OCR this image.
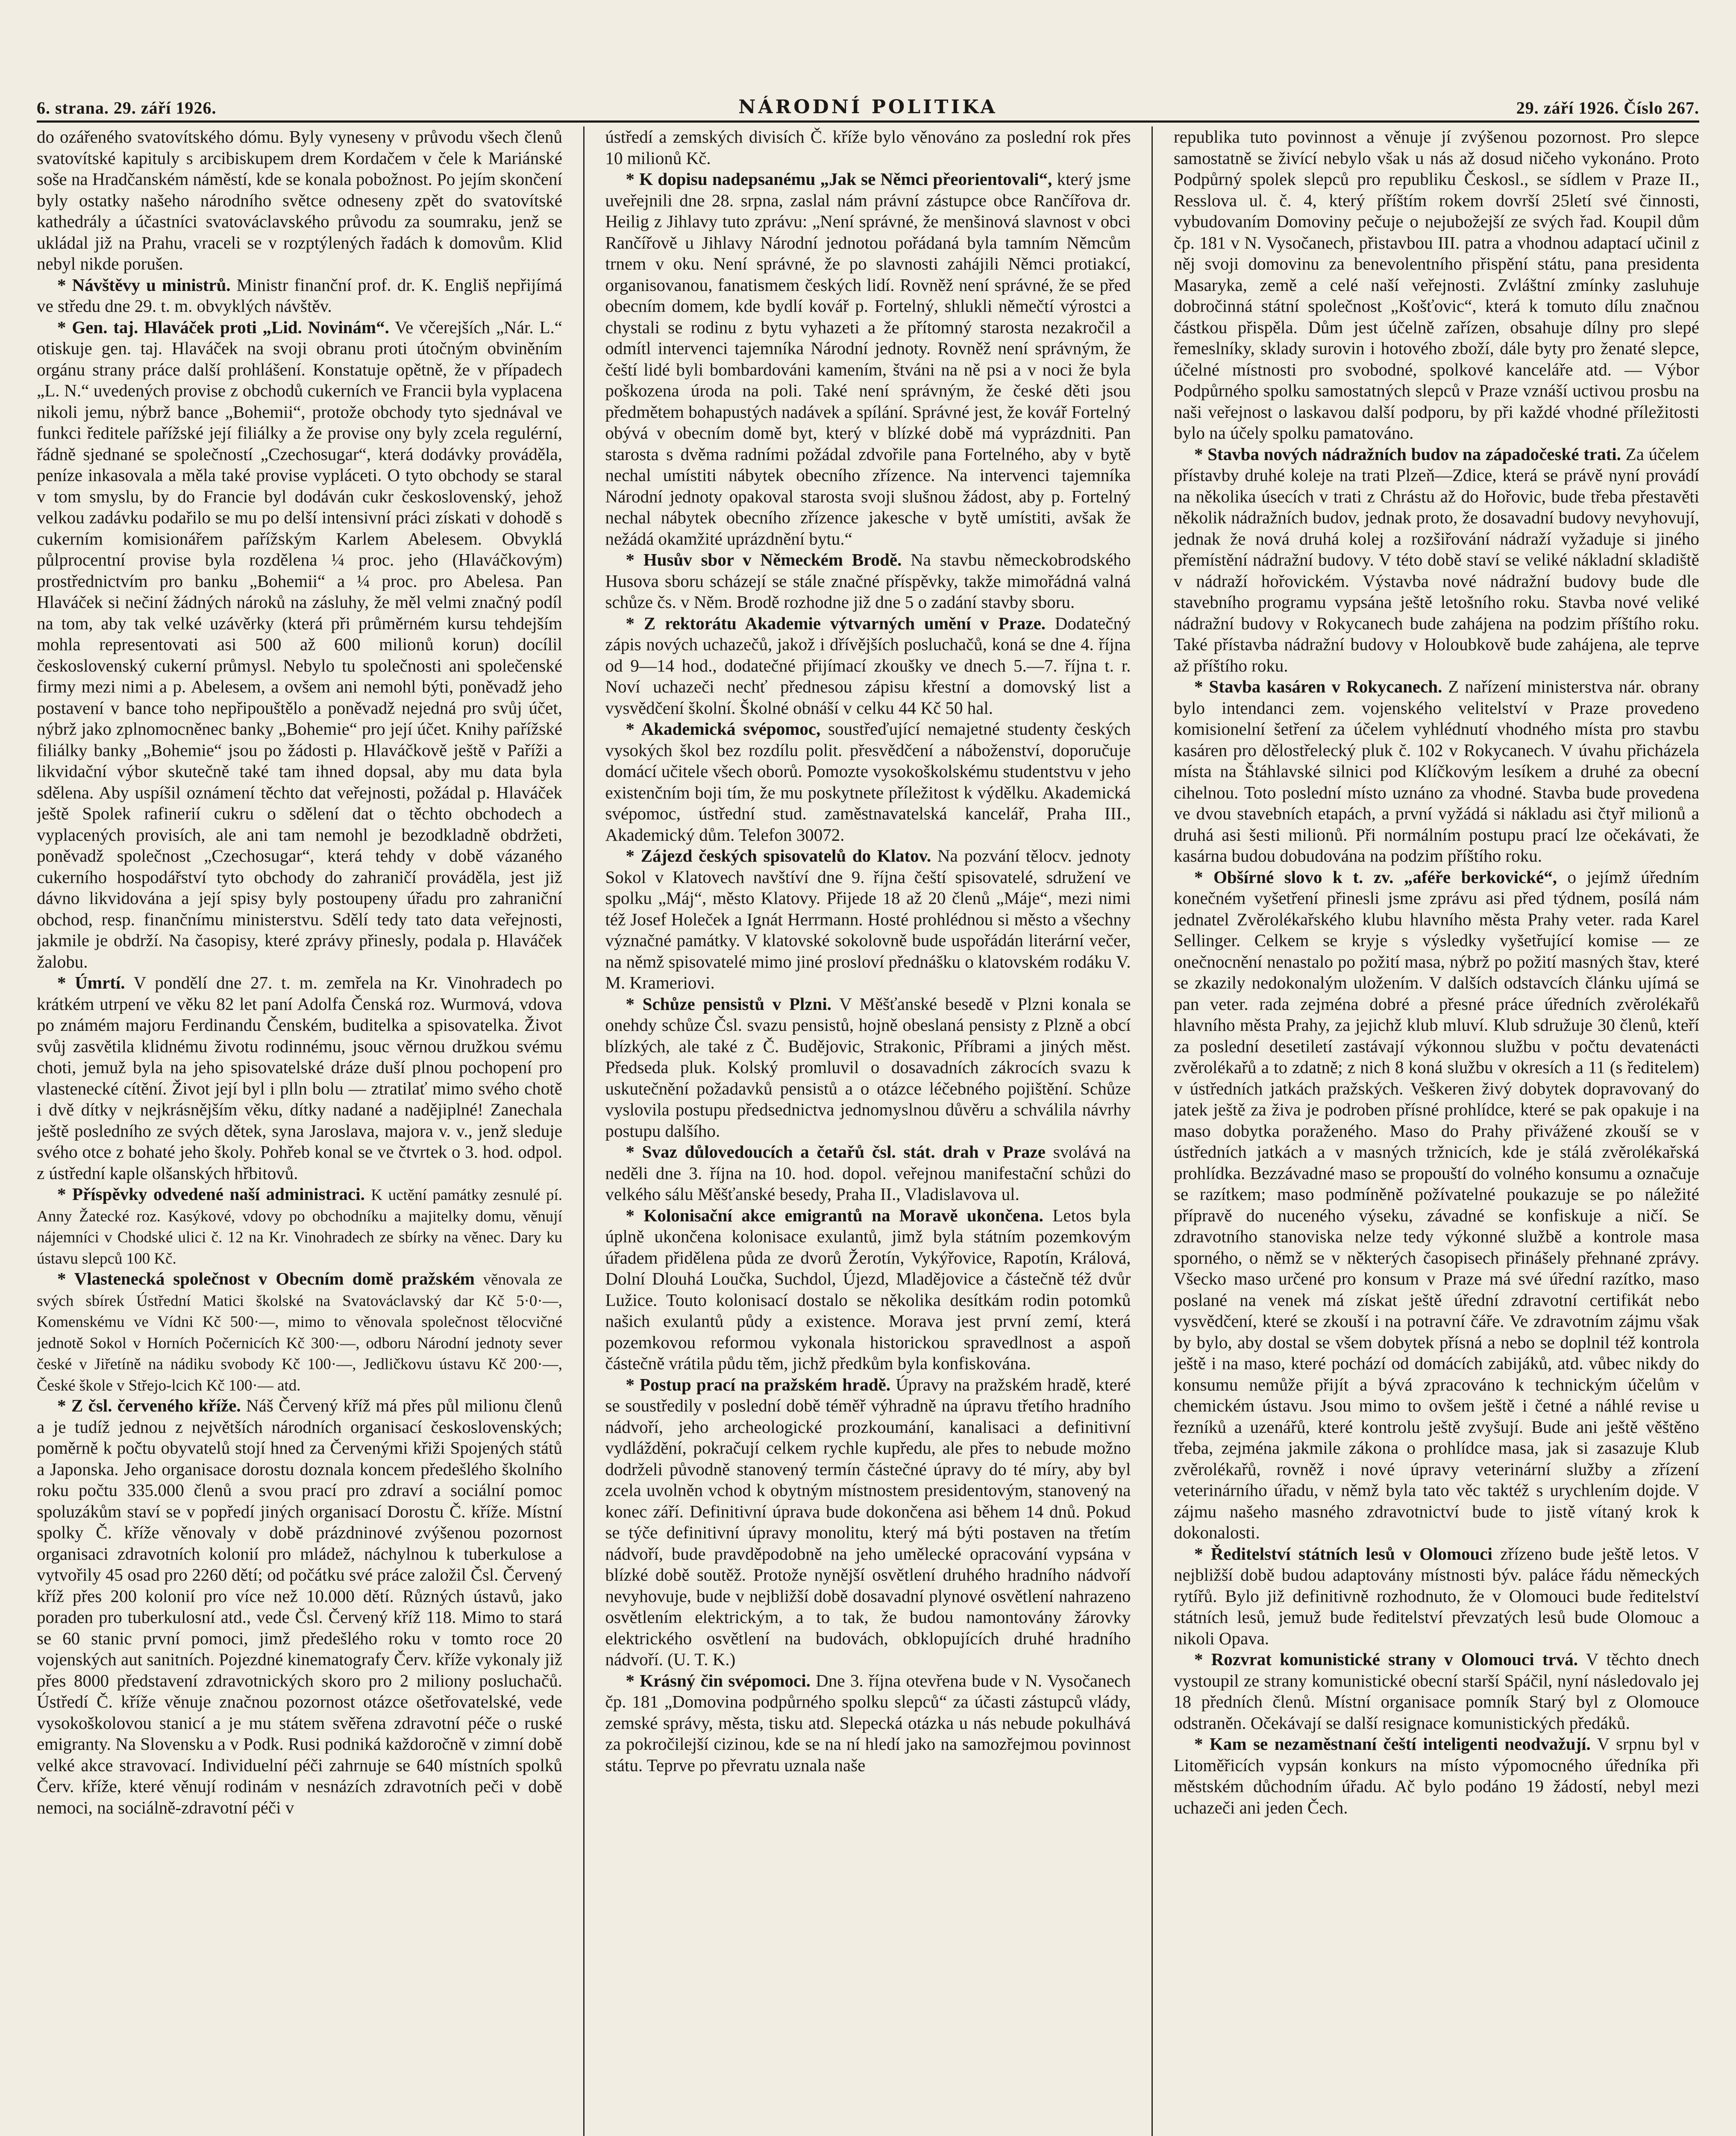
6. strana. 29. září 1926.	NÁRODNÍ POLITIKA	29. září 1926. Číslo 267.

do ozářeného svatovítského dómu. Byly vyneseny v průvodu všech členů svatovítské kapituly s arcibiskupem drem Kordačem v čele k Mariánské soše na Hradčanském náměstí, kde se konala pobožnost. Po jejím skončení byly ostatky našeho národního světce odneseny zpět do svatovítské kathedrály a účastníci svatováclavského průvodu za soumraku, jenž se ukládal již na Prahu, vraceli se v rozptýlených řadách k domovům. Klid nebyl nikde porušen.

* Návštěvy u ministrů. Ministr finanční prof. dr. K. Engliš nepřijímá ve středu dne 29. t. m. obvyklých návštěv.

* Gen. taj. Hlaváček proti „Lid. Novinám“. Ve včerejších „Nár. L.“ otiskuje gen. taj. Hlaváček na svoji obranu proti útočným obviněním orgánu strany práce další prohlášení. Konstatuje opětně, že v případech „L. N.“ uvedených provise z obchodů cukerních ve Francii byla vyplacena nikoli jemu, nýbrž bance „Bohemii“, protože obchody tyto sjednával ve funkci ředitele pařížské její filiálky a že provise ony byly zcela regulérní, řádně sjednané se společností „Czechosugar“, která dodávky prováděla, peníze inkasovala a měla také provise vypláceti. O tyto obchody se staral v tom smyslu, by do Francie byl dodáván cukr československý, jehož velkou zadávku podařilo se mu po delší intensivní práci získati v dohodě s cukerním komisionářem pařížským Karlem Abelesem. Obvyklá půlprocentní provise byla rozdělena ¼ proc. jeho (Hlaváčkovým) prostřednictvím pro banku „Bohemii“ a ¼ proc. pro Abelesa. Pan Hlaváček si nečiní žádných nároků na zásluhy, že měl velmi značný podíl na tom, aby tak velké uzávěrky (která při průměrném kursu tehdejším mohla representovati asi 500 až 600 milionů korun) docílil československý cukerní průmysl. Nebylo tu společnosti ani společenské firmy mezi nimi a p. Abelesem, a ovšem ani nemohl býti, poněvadž jeho postavení v bance toho nepřipouštělo a poněvadž nejedná pro svůj účet, nýbrž jako zplnomocněnec banky „Bohemie“ pro její účet. Knihy pařížské filiálky banky „Bohemie“ jsou po žádosti p. Hlaváčkově ještě v Paříži a likvidační výbor skutečně také tam ihned dopsal, aby mu data byla sdělena. Aby uspíšil oznámení těchto dat veřejnosti, požádal p. Hlaváček ještě Spolek rafinerií cukru o sdělení dat o těchto obchodech a vyplacených provisích, ale ani tam nemohl je bezodkladně obdržeti, poněvadž společnost „Czechosugar“, která tehdy v době vázaného cukerního hospodářství tyto obchody do zahraničí prováděla, jest již dávno likvidována a její spisy byly postoupeny úřadu pro zahraniční obchod, resp. finančnímu ministerstvu. Sdělí tedy tato data veřejnosti, jakmile je obdrží. Na časopisy, které zprávy přinesly, podala p. Hlaváček žalobu.

* Úmrtí. V pondělí dne 27. t. m. zemřela na Kr. Vinohradech po krátkém utrpení ve věku 82 let paní Adolfa Čenská roz. Wurmová, vdova po známém majoru Ferdinandu Čenském, buditelka a spisovatelka. Život svůj zasvětila klidnému životu rodinnému, jsouc věrnou družkou svému choti, jemuž byla na jeho spisovatelské dráze duší plnou pochopení pro vlastenecké cítění. Život její byl i plln bolu — ztratilať mimo svého chotě i dvě dítky v nejkrásnějším věku, dítky nadané a nadějiplné! Zanechala ještě posledního ze svých dětek, syna Jaroslava, majora v. v., jenž sleduje svého otce z bohaté jeho školy. Pohřeb konal se ve čtvrtek o 3. hod. odpol. z ústřední kaple olšanských hřbitovů.

* Příspěvky odvedené naší administraci. K uctění památky zesnulé pí. Anny Žatecké roz. Kasýkové, vdovy po obchodníku a majitelky domu, věnují nájemníci v Chodské ulici č. 12 na Kr. Vinohradech ze sbírky na věnec. Dary ku ústavu slepců 100 Kč.

* Vlastenecká společnost v Obecním domě pražském věnovala ze svých sbírek Ústřední Matici školské na Svatováclavský dar Kč 5·0·—, Komenskému ve Vídni Kč 500·—, mimo to věnovala společnost tělocvičné jednotě Sokol v Horních Počernicích Kč 300·—, odboru Národní jednoty sever české v Jiřetíně na nádiku svobody Kč 100·—, Jedličkovu ústavu Kč 200·—, České škole v Střejo-lcich Kč 100·— atd.

* Z čsl. červeného kříže. Náš Červený kříž má přes půl milionu členů a je tudíž jednou z největších národních organisací československých; poměrně k počtu obyvatelů stojí hned za Červenými křiži Spojených států a Japonska. Jeho organisace dorostu doznala koncem předešlého školního roku počtu 335.000 členů a svou prací pro zdraví a sociální pomoc spoluzákům staví se v popředí jiných organisací Dorostu Č. kříže. Místní spolky Č. kříže věnovaly v době prázdninové zvýšenou pozornost organisaci zdravotních kolonií pro mládež, náchylnou k tuberkulose a vytvořily 45 osad pro 2260 dětí; od počátku své práce založil Čsl. Červený kříž přes 200 kolonií pro více než 10.000 dětí. Různých ústavů, jako poraden pro tuberkulosní atd., vede Čsl. Červený kříž 118. Mimo to stará se 60 stanic první pomoci, jimž předešlého roku v tomto roce 20 vojenských aut sanitních. Pojezdné kinematografy Červ. kříže vykonaly již přes 8000 představení zdravotnických skoro pro 2 miliony posluchačů. Ústředí Č. kříže věnuje značnou pozornost otázce ošetřovatelské, vede vysokoškolovou stanicí a je mu státem svěřena zdravotní péče o ruské emigranty. Na Slovensku a v Podk. Rusi podniká každoročně v zimní době velké akce stravovací. Individuelní péči zahrnuje se 640 místních spolků Červ. kříže, které věnují rodinám v nesnázích zdravotních peči v době nemoci, na sociálně-zdravotní péči v

ústředí a zemských divisích Č. kříže bylo věnováno za poslední rok přes 10 milionů Kč.

* K dopisu nadepsanému „Jak se Němci přeorientovali“, který jsme uveřejnili dne 28. srpna, zaslal nám právní zástupce obce Rančířova dr. Heilig z Jihlavy tuto zprávu: „Není správné, že menšinová slavnost v obci Rančířově u Jihlavy Národní jednotou pořádaná byla tamním Němcům trnem v oku. Není správné, že po slavnosti zahájili Němci protiakcí, organisovanou, fanatismem českých lidí. Rovněž není správné, že se před obecním domem, kde bydlí kovář p. Fortelný, shlukli němečtí výrostci a chystali se rodinu z bytu vyhazeti a že přítomný starosta nezakročil a odmítl intervenci tajemníka Národní jednoty. Rovněž není správným, že čeští lidé byli bombardováni kamením, štváni na ně psi a v noci že byla poškozena úroda na poli. Také není správným, že české děti jsou předmětem bohapustých nadávek a spílání. Správné jest, že kovář Fortelný obývá v obecním domě byt, který v blízké době má vyprázdniti. Pan starosta s dvěma radními požádal zdvořile pana Fortelného, aby v bytě nechal umístiti nábytek obecního zřízence. Na intervenci tajemníka Národní jednoty opakoval starosta svoji slušnou žádost, aby p. Fortelný nechal nábytek obecního zřízence jakesche v bytě umístiti, avšak že nežádá okamžité uprázdnění bytu.“

* Husův sbor v Německém Brodě. Na stavbu německobrodského Husova sboru scházejí se stále značné příspěvky, takže mimořádná valná schůze čs. v Něm. Brodě rozhodne již dne 5 o zadání stavby sboru.

* Z rektorátu Akademie výtvarných umění v Praze. Dodatečný zápis nových uchazečů, jakož i dřívějších posluchačů, koná se dne 4. října od 9—14 hod., dodatečné přijímací zkoušky ve dnech 5.—7. října t. r. Noví uchazeči nechť přednesou zápisu křestní a domovský list a vysvědčení školní. Školné obnáší v celku 44 Kč 50 hal.

* Akademická svépomoc, soustřeďující nemajetné studenty českých vysokých škol bez rozdílu polit. přesvědčení a náboženství, doporučuje domácí učitele všech oborů. Pomozte vysokoškolskému studentstvu v jeho existenčním boji tím, že mu poskytnete příležitost k výdělku. Akademická svépomoc, ústřední stud. zaměstnavatelská kancelář, Praha III., Akademický dům. Telefon 30072.

* Zájezd českých spisovatelů do Klatov. Na pozvání tělocv. jednoty Sokol v Klatovech navštíví dne 9. října čeští spisovatelé, sdružení ve spolku „Máj“, město Klatovy. Přijede 18 až 20 členů „Máje“, mezi nimi též Josef Holeček a Ignát Herrmann. Hosté prohlédnou si město a všechny význačné památky. V klatovské sokolovně bude uspořádán literární večer, na němž spisovatelé mimo jiné prosloví přednášku o klatovském rodáku V. M. Krameriovi.

* Schůze pensistů v Plzni. V Měšťanské besedě v Plzni konala se onehdy schůze Čsl. svazu pensistů, hojně obeslaná pensisty z Plzně a obcí blízkých, ale také z Č. Budějovic, Strakonic, Příbrami a jiných měst. Předseda pluk. Kolský promluvil o dosavadních zákrocích svazu k uskutečnění požadavků pensistů a o otázce léčebného pojištění. Schůze vyslovila postupu předsednictva jednomyslnou důvěru a schválila návrhy postupu dalšího.

* Svaz důlovedoucích a četařů čsl. stát. drah v Praze svolává na neděli dne 3. října na 10. hod. dopol. veřejnou manifestační schůzi do velkého sálu Měšťanské besedy, Praha II., Vladislavova ul.

* Kolonisační akce emigrantů na Moravě ukončena. Letos byla úplně ukončena kolonisace exulantů, jimž byla státním pozemkovým úřadem přidělena půda ze dvorů Žerotín, Vykýřovice, Rapotín, Králová, Dolní Dlouhá Loučka, Suchdol, Újezd, Mladějovice a částečně též dvůr Lužice. Touto kolonisací dostalo se několika desítkám rodin potomků našich exulantů půdy a existence. Morava jest první zemí, která pozemkovou reformou vykonala historickou spravedlnost a aspoň částečně vrátila půdu těm, jichž předkům byla konfiskována.

* Postup prací na pražském hradě. Úpravy na pražském hradě, které se soustředily v poslední době téměř výhradně na úpravu třetího hradního nádvoří, jeho archeologické prozkoumání, kanalisaci a definitivní vydláždění, pokračují celkem rychle kupředu, ale přes to nebude možno dodrželi původně stanovený termín částečné úpravy do té míry, aby byl zcela uvolněn vchod k obytným místnostem presidentovým, stanovený na konec září. Definitivní úprava bude dokončena asi během 14 dnů. Pokud se týče definitivní úpravy monolitu, který má býti postaven na třetím nádvoří, bude pravděpodobně na jeho umělecké opracování vypsána v blízké době soutěž. Protože nynější osvětlení druhého hradního nádvoří nevyhovuje, bude v nejbližší době dosavadní plynové osvětlení nahrazeno osvětlením elektrickým, a to tak, že budou namontovány žárovky elektrického osvětlení na budovách, obklopujících druhé hradního nádvoří. (U. T. K.)

* Krásný čin svépomoci. Dne 3. října otevřena bude v N. Vysočanech čp. 181 „Domovina podpůrného spolku slepců“ za účasti zástupců vlády, zemské správy, města, tisku atd. Slepecká otázka u nás nebude pokulhává za pokročilejší cizinou, kde se na ní hledí jako na samozřejmou povinnost státu. Teprve po převratu uznala naše

republika tuto povinnost a věnuje jí zvýšenou pozornost. Pro slepce samostatně se živící nebylo však u nás až dosud ničeho vykonáno. Proto Podpůrný spolek slepců pro republiku Českosl., se sídlem v Praze II., Resslova ul. č. 4, který příštím rokem dovrší 25letí své činnosti, vybudovaním Domoviny pečuje o nejubožejší ze svých řad. Koupil dům čp. 181 v N. Vysočanech, přistavbou III. patra a vhodnou adaptací učinil z něj svoji domovinu za benevolentního přispění státu, pana presidenta Masaryka, země a celé naší veřejnosti. Zvláštní zmínky zasluhuje dobročinná státní společnost „Košťovic“, která k tomuto dílu značnou částkou přispěla. Dům jest účelně zařízen, obsahuje dílny pro slepé řemeslníky, sklady surovin i hotového zboží, dále byty pro ženaté slepce, účelné místnosti pro svobodné, spolkové kanceláře atd. — Výbor Podpůrného spolku samostatných slepců v Praze vznáší uctivou prosbu na naši veřejnost o laskavou další podporu, by při každé vhodné příležitosti bylo na účely spolku pamatováno.

* Stavba nových nádražních budov na západočeské trati. Za účelem přístavby druhé koleje na trati Plzeň—Zdice, která se právě nyní provádí na několika úsecích v trati z Chrástu až do Hořovic, bude třeba přestavěti několik nádražních budov, jednak proto, že dosavadní budovy nevyhovují, jednak že nová druhá kolej a rozšiřování nádraží vyžaduje si jiného přemístění nádražní budovy. V této době staví se veliké nákladní skladiště v nádraží hořovickém. Výstavba nové nádražní budovy bude dle stavebního programu vypsána ještě letošního roku. Stavba nové veliké nádražní budovy v Rokycanech bude zahájena na podzim příštího roku. Také přístavba nádražní budovy v Holoubkově bude zahájena, ale teprve až příštího roku.

* Stavba kasáren v Rokycanech. Z nařízení ministerstva nár. obrany bylo intendanci zem. vojenského velitelství v Praze provedeno komisionelní šetření za účelem vyhlédnutí vhodného místa pro stavbu kasáren pro dělostřelecký pluk č. 102 v Rokycanech. V úvahu přicházela místa na Štáhlavské silnici pod Klíčkovým lesíkem a druhé za obecní cihelnou. Toto poslední místo uznáno za vhodné. Stavba bude provedena ve dvou stavebních etapách, a první vyžádá si nákladu asi čtyř milionů a druhá asi šesti milionů. Při normálním postupu prací lze očekávati, že kasárna budou dobudována na podzim příštího roku.

* Obšírné slovo k t. zv. „aféře berkovické“, o jejímž úředním konečném vyšetření přinesli jsme zprávu asi před týdnem, posílá nám jednatel Zvěrolékařského klubu hlavního města Prahy veter. rada Karel Sellinger. Celkem se kryje s výsledky vyšetřující komise — ze onečnocnění nenastalo po požití masa, nýbrž po požití masných štav, které se zkazily nedokonalým uložením. V dalších odstavcích článku ujímá se pan veter. rada zejména dobré a přesné práce úředních zvěrolékařů hlavního města Prahy, za jejichž klub mluví. Klub sdružuje 30 členů, kteří za poslední desetiletí zastávají výkonnou službu v počtu devatenácti zvěrolékařů a to zdatně; z nich 8 koná službu v okresích a 11 (s ředitelem) v ústředních jatkách pražských. Veškeren živý dobytek dopravovaný do jatek ještě za živa je podroben přísné prohlídce, které se pak opakuje i na maso dobytka poraženého. Maso do Prahy přivážené zkouší se v ústředních jatkách a v masných tržnicích, kde je stálá zvěrolékařská prohlídka. Bezzávadné maso se propouští do volného konsumu a označuje se razítkem; maso podmíněně požívatelné poukazuje se po náležité přípravě do nuceného výseku, závadné se konfiskuje a ničí. Se zdravotního stanoviska nelze tedy výkonné službě a kontrole masa sporného, o němž se v některých časopisech přinášely přehnané zprávy. Všecko maso určené pro konsum v Praze má své úřední razítko, maso poslané na venek má získat ještě úřední zdravotní certifikát nebo vysvědčení, které se zkouší i na potravní čáře. Ve zdravotním zájmu však by bylo, aby dostal se všem dobytek přísná a nebo se doplnil též kontrola ještě i na maso, které pochází od domácích zabijáků, atd. vůbec nikdy do konsumu nemůže přijít a bývá zpracováno k technickým účelům v chemickém ústavu. Jsou mimo to ovšem ještě i četné a náhlé revise u řezníků a uzenářů, které kontrolu ještě zvyšují. Bude ani ještě věštěno třeba, zejména jakmile zákona o prohlídce masa, jak si zasazuje Klub zvěrolékařů, rovněž i nové úpravy veterinární služby a zřízení veterinárního úřadu, v němž byla tato věc taktéž s urychlením dojde. V zájmu našeho masného zdravotnictví bude to jistě vítaný krok k dokonalosti.

* Ředitelství státních lesů v Olomouci zřízeno bude ještě letos. V nejbližší době budou adaptovány místnosti býv. paláce řádu německých rytířů. Bylo již definitivně rozhodnuto, že v Olomouci bude ředitelství státních lesů, jemuž bude ředitelství převzatých lesů bude Olomouc a nikoli Opava.

* Rozvrat komunistické strany v Olomouci trvá. V těchto dnech vystoupil ze strany komunistické obecní starší Spáčil, nyní následovalo jej 18 předních členů. Místní organisace pomník Starý byl z Olomouce odstraněn. Očekávají se další resignace komunistických předáků.

* Kam se nezaměstnaní čeští inteligenti neodvažují. V srpnu byl v Litoměřicích vypsán konkurs na místo výpomocného úředníka při městském důchodním úřadu. Ač bylo podáno 19 žádostí, nebyl mezi uchazeči ani jeden Čech.
